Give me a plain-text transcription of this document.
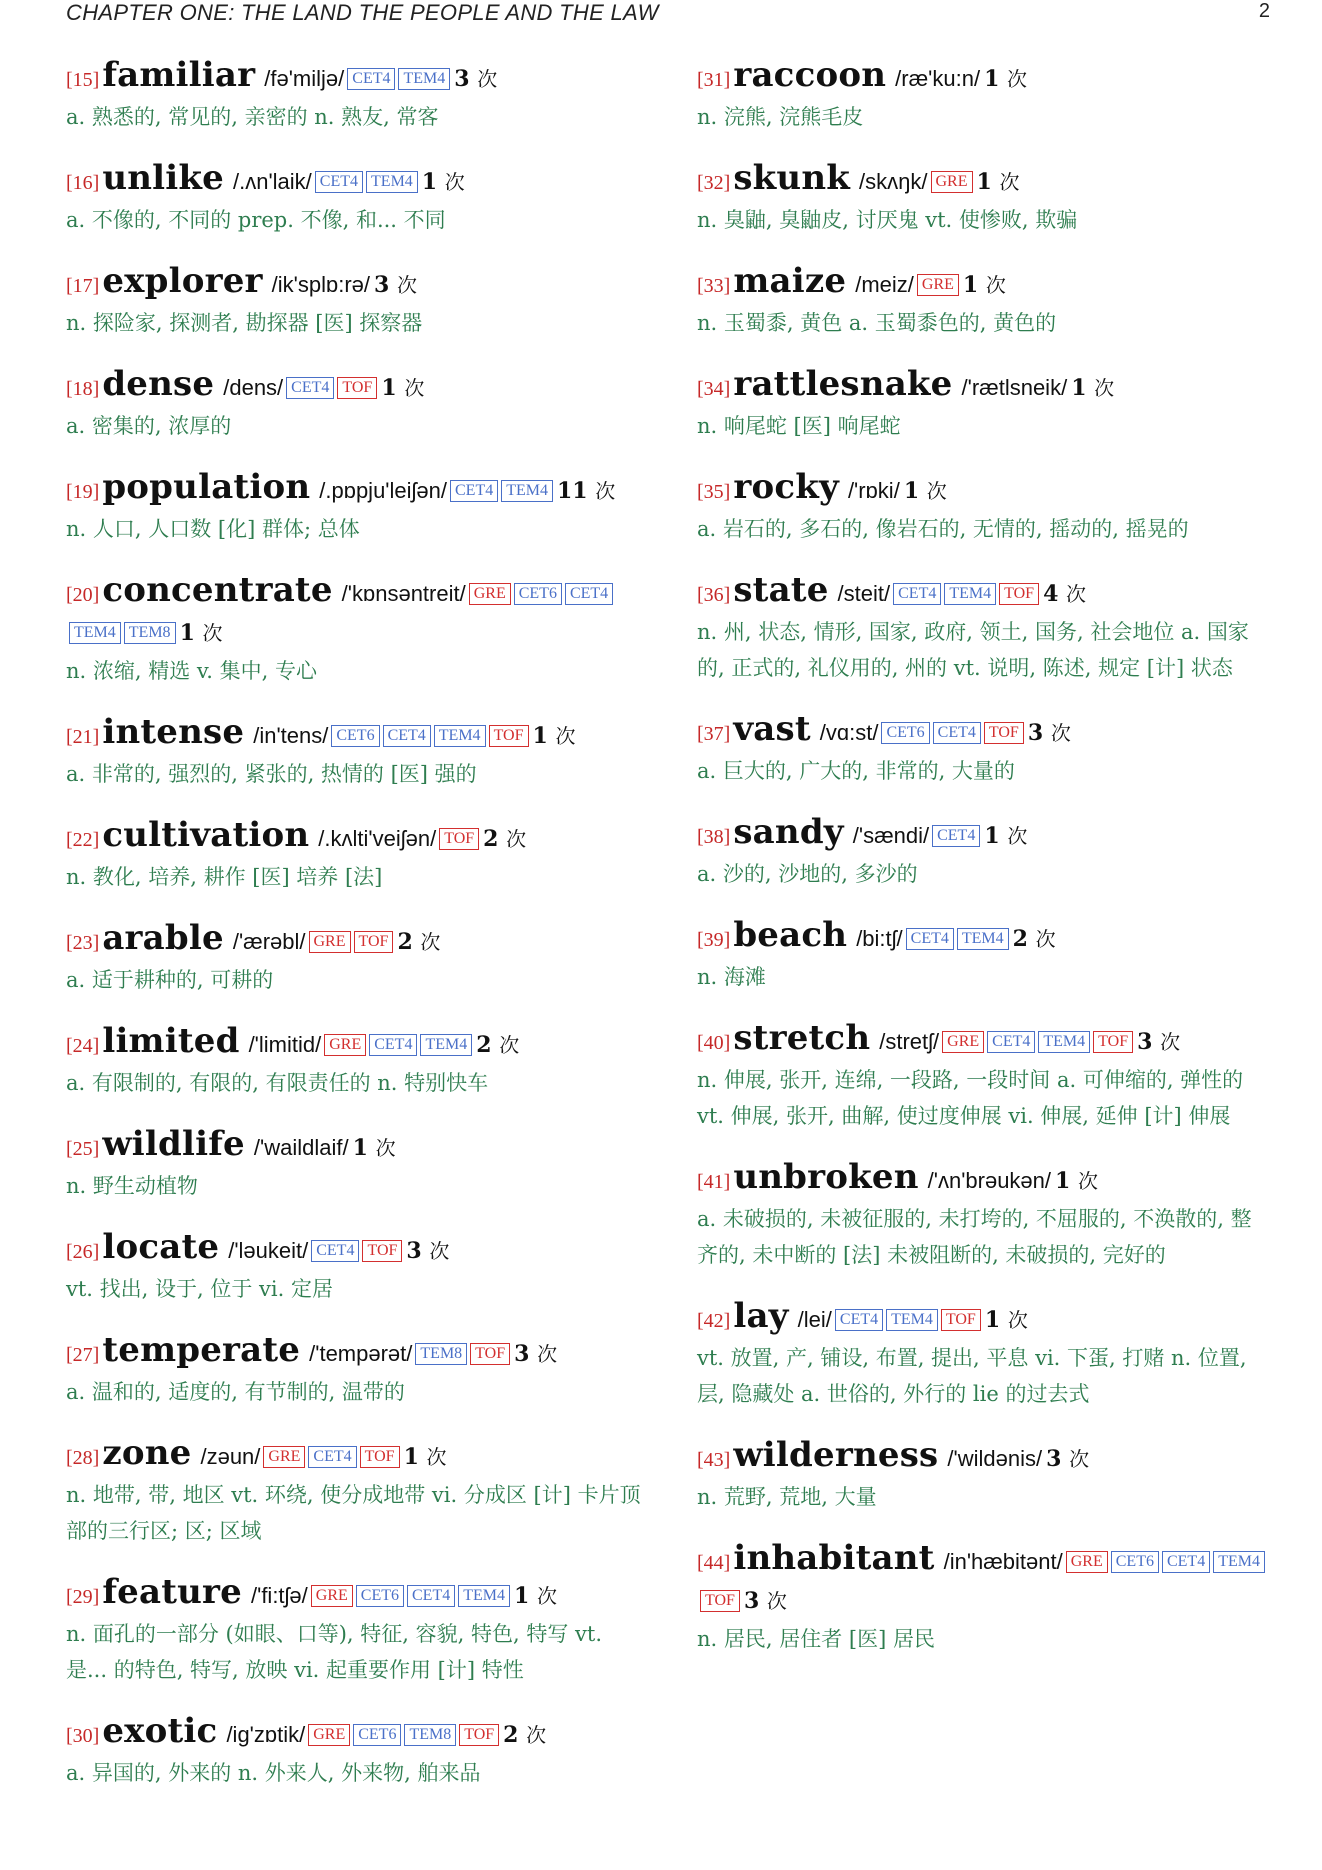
CHAPTER ONE: THE LAND THE PEOPLE AND THE LAW	2
[15]familiar /fə'miljə/ CET4 TEM4 3 次
a. 熟悉的, 常见的, 亲密的 n. 熟友, 常客
[16]unlike /.ʌn'laik/ CET4 TEM4 1 次
a. 不像的, 不同的 prep. 不像, 和... 不同
[17]explorer /ik'splɒ:rə/ 3 次
n. 探险家, 探测者, 勘探器 [医] 探察器
[18]dense /dens/ CET4 TOF 1 次
a. 密集的, 浓厚的
[19]population /.pɒpju'leiʃən/ CET4 TEM4 11 次
n. 人口, 人口数 [化] 群体; 总体
[20]concentrate /'kɒnsəntreit/ GRE CET6 CET4TEM4 TEM8 1 次
n. 浓缩, 精选 v. 集中, 专心
[21]intense /in'tens/ CET6 CET4 TEM4 TOF 1 次
a. 非常的, 强烈的, 紧张的, 热情的 [医] 强的
[22]cultivation /.kʌlti'veiʃən/ TOF 2 次
n. 教化, 培养, 耕作 [医] 培养 [法]
[23]arable /'ærəbl/ GRE TOF 2 次
a. 适于耕种的, 可耕的
[24]limited /'limitid/ GRE CET4 TEM4 2 次
a. 有限制的, 有限的, 有限责任的 n. 特别快车
[25]wildlife /'waildlaif/ 1 次
n. 野生动植物
[26]locate /'ləukeit/ CET4 TOF 3 次
vt. 找出, 设于, 位于 vi. 定居
[27]temperate /'tempərət/ TEM8 TOF 3 次
a. 温和的, 适度的, 有节制的, 温带的
[28]zone /zəun/ GRE CET4 TOF 1 次
n. 地带, 带, 地区 vt. 环绕, 使分成地带 vi. 分成区 [计] 卡片顶部的三行区; 区; 区域
[29]feature /'fi:tʃə/ GRE CET6 CET4 TEM4 1 次
n. 面孔的一部分 (如眼、口等), 特征, 容貌, 特色, 特写 vt. 是... 的特色, 特写, 放映 vi. 起重要作用 [计] 特性
[30]exotic /ig'zɒtik/ GRE CET6 TEM8 TOF 2 次
a. 异国的, 外来的 n. 外来人, 外来物, 舶来品
[31]raccoon /ræ'ku:n/ 1 次
n. 浣熊, 浣熊毛皮
[32]skunk /skʌŋk/ GRE 1 次
n. 臭鼬, 臭鼬皮, 讨厌鬼 vt. 使惨败, 欺骗
[33]maize /meiz/ GRE 1 次
n. 玉蜀黍, 黄色 a. 玉蜀黍色的, 黄色的
[34]rattlesnake /'rætlsneik/ 1 次
n. 响尾蛇 [医] 响尾蛇
[35]rocky /'rɒki/ 1 次
a. 岩石的, 多石的, 像岩石的, 无情的, 摇动的, 摇晃的
[36]state /steit/ CET4 TEM4 TOF 4 次
n. 州, 状态, 情形, 国家, 政府, 领土, 国务, 社会地位 a. 国家的, 正式的, 礼仪用的, 州的 vt. 说明, 陈述, 规定 [计] 状态
[37]vast /vɑ:st/ CET6 CET4 TOF 3 次
a. 巨大的, 广大的, 非常的, 大量的
[38]sandy /'sændi/ CET4 1 次
a. 沙的, 沙地的, 多沙的
[39]beach /bi:tʃ/ CET4 TEM4 2 次
n. 海滩
[40]stretch /stretʃ/ GRE CET4 TEM4 TOF 3 次
n. 伸展, 张开, 连绵, 一段路, 一段时间 a. 可伸缩的, 弹性的 vt. 伸展, 张开, 曲解, 使过度伸展 vi. 伸展, 延伸 [计] 伸展
[41]unbroken /'ʌn'brəukən/ 1 次
a. 未破损的, 未被征服的, 未打垮的, 不屈服的, 不涣散的, 整齐的, 未中断的 [法] 未被阻断的, 未破损的, 完好的
[42]lay /lei/ CET4 TEM4 TOF 1 次
vt. 放置, 产, 铺设, 布置, 提出, 平息 vi. 下蛋, 打赌 n. 位置, 层, 隐藏处 a. 世俗的, 外行的 lie 的过去式
[43]wilderness /'wildənis/ 3 次
n. 荒野, 荒地, 大量
[44]inhabitant /in'hæbitənt/ GRE CET6 CET4 TEM4TOF 3 次
n. 居民, 居住者 [医] 居民
